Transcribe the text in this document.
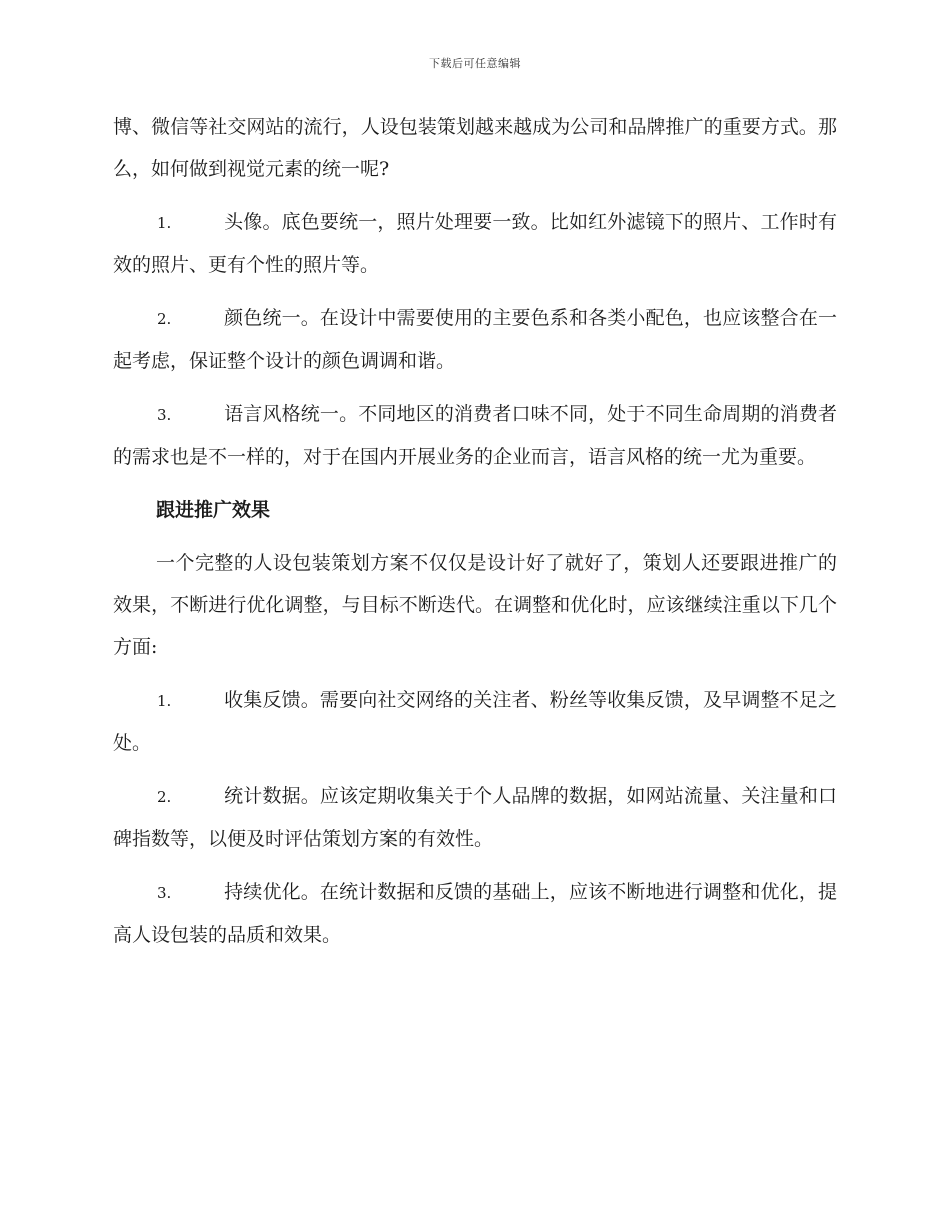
下载后可任意编辑

博、微信等社交网站的流行，人设包装策划越来越成为公司和品牌推广的重要方式。那么，如何做到视觉元素的统一呢?

1.	头像。底色要统一，照片处理要一致。比如红外滤镜下的照片、工作时有效的照片、更有个性的照片等。

2.	颜色统一。在设计中需要使用的主要色系和各类小配色，也应该整合在一起考虑，保证整个设计的颜色调调和谐。

3.	语言风格统一。不同地区的消费者口味不同，处于不同生命周期的消费者的需求也是不一样的，对于在国内开展业务的企业而言，语言风格的统一尤为重要。

跟进推广效果

一个完整的人设包装策划方案不仅仅是设计好了就好了，策划人还要跟进推广的效果，不断进行优化调整，与目标不断迭代。在调整和优化时，应该继续注重以下几个方面:

1.	收集反馈。需要向社交网络的关注者、粉丝等收集反馈，及早调整不足之处。

2.	统计数据。应该定期收集关于个人品牌的数据，如网站流量、关注量和口碑指数等，以便及时评估策划方案的有效性。

3.	持续优化。在统计数据和反馈的基础上，应该不断地进行调整和优化，提高人设包装的品质和效果。
